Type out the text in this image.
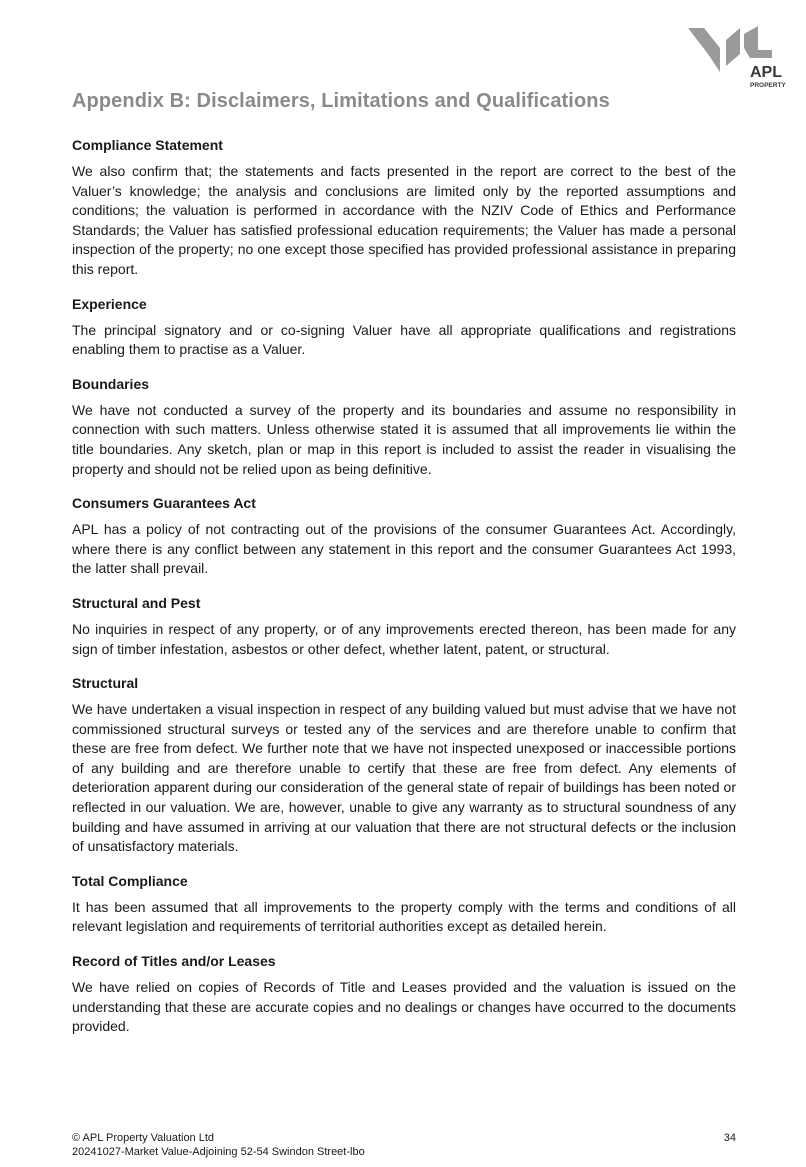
APL
PROPERTY
Appendix B: Disclaimers, Limitations and Qualifications
Compliance Statement

We also confirm that; the statements and facts presented in the report are correct to the best of the Valuer’s knowledge; the analysis and conclusions are limited only by the reported assumptions and conditions; the valuation is performed in accordance with the NZIV Code of Ethics and Performance Standards; the Valuer has satisfied professional education requirements; the Valuer has made a personal inspection of the property; no one except those specified has provided professional assistance in preparing this report.

Experience

The principal signatory and or co-signing Valuer have all appropriate qualifications and registrations enabling them to practise as a Valuer.

Boundaries

We have not conducted a survey of the property and its boundaries and assume no responsibility in connection with such matters. Unless otherwise stated it is assumed that all improvements lie within the title boundaries. Any sketch, plan or map in this report is included to assist the reader in visualising the property and should not be relied upon as being definitive.

Consumers Guarantees Act

APL has a policy of not contracting out of the provisions of the consumer Guarantees Act. Accordingly, where there is any conflict between any statement in this report and the consumer Guarantees Act 1993, the latter shall prevail.

Structural and Pest

No inquiries in respect of any property, or of any improvements erected thereon, has been made for any sign of timber infestation, asbestos or other defect, whether latent, patent, or structural.

Structural

We have undertaken a visual inspection in respect of any building valued but must advise that we have not commissioned structural surveys or tested any of the services and are therefore unable to confirm that these are free from defect. We further note that we have not inspected unexposed or inaccessible portions of any building and are therefore unable to certify that these are free from defect. Any elements of deterioration apparent during our consideration of the general state of repair of buildings has been noted or reflected in our valuation. We are, however, unable to give any warranty as to structural soundness of any building and have assumed in arriving at our valuation that there are not structural defects or the inclusion of unsatisfactory materials.

Total Compliance

It has been assumed that all improvements to the property comply with the terms and conditions of all relevant legislation and requirements of territorial authorities except as detailed herein.

Record of Titles and/or Leases

We have relied on copies of Records of Title and Leases provided and the valuation is issued on the understanding that these are accurate copies and no dealings or changes have occurred to the documents provided.

© APL Property Valuation Ltd
20241027-Market Value-Adjoining 52-54 Swindon Street-lbo
34
